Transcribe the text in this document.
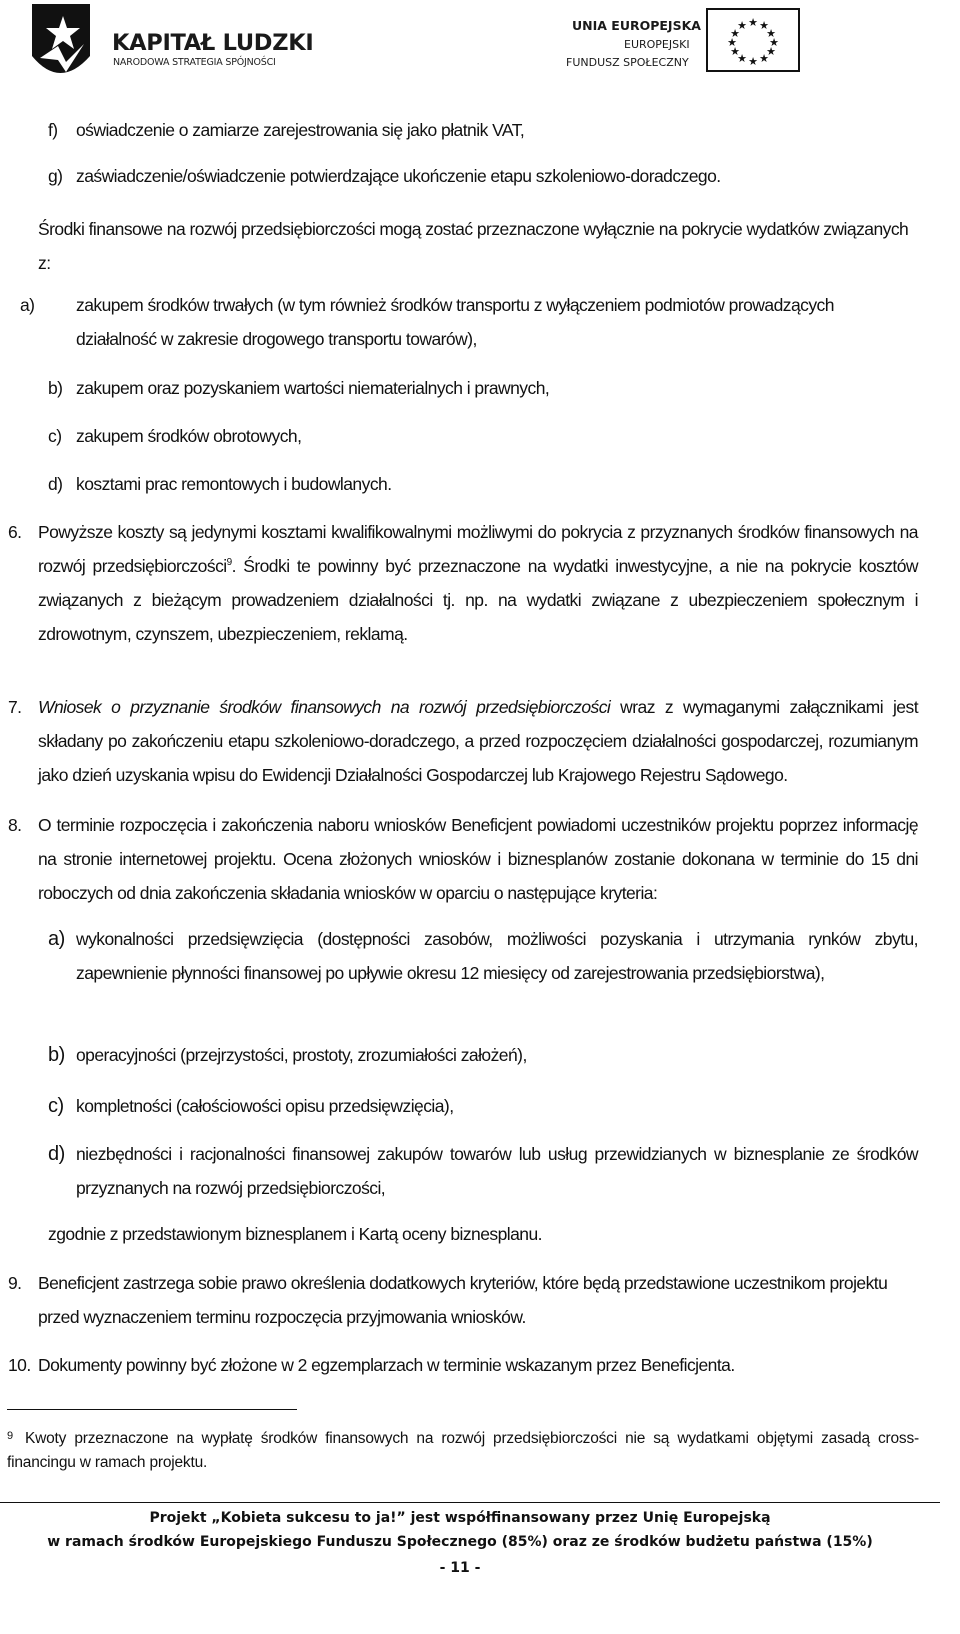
KAPITAŁ LUDZKI
NARODOWA STRATEGIA SPÓJNOŚCI
UNIA EUROPEJSKA
EUROPEJSKI
FUNDUSZ SPOŁECZNY
★ ★
★
★
★
★
★
★
★
★
★
★
f) oświadczenie o zamiarze zarejestrowania się jako płatnik VAT,
g) zaświadczenie/oświadczenie potwierdzające ukończenie etapu szkoleniowo-doradczego.
Środki finansowe na rozwój przedsiębiorczości mogą zostać przeznaczone wyłącznie na pokrycie wydatków związanych z:
a) zakupem środków trwałych (w tym również środków transportu z wyłączeniem podmiotów prowadzących działalność w zakresie drogowego transportu towarów),
b) zakupem oraz pozyskaniem wartości niematerialnych i prawnych,
c) zakupem środków obrotowych,
d) kosztami prac remontowych i budowlanych.
6. Powyższe koszty są jedynymi kosztami kwalifikowalnymi możliwymi do pokrycia z przyznanych środków finansowych na rozwój przedsiębiorczości$^9$. Środki te powinny być przeznaczone na wydatki inwestycyjne, a nie na pokrycie kosztów związanych z bieżącym prowadzeniem działalności tj. np. na wydatki związane z ubezpieczeniem społecznym i zdrowotnym, czynszem, ubezpieczeniem, reklamą.
7. Wniosek o przyznanie środków finansowych na rozwój przedsiębiorczości wraz z wymaganymi załącznikami jest składany po zakończeniu etapu szkoleniowo-doradczego, a przed rozpoczęciem działalności gospodarczej, rozumianym jako dzień uzyskania wpisu do Ewidencji Działalności Gospodarczej lub Krajowego Rejestru Sądowego.
8. O terminie rozpoczęcia i zakończenia naboru wniosków Beneficjent powiadomi uczestników projektu poprzez informację na stronie internetowej projektu. Ocena złożonych wniosków i biznesplanów zostanie dokonana w terminie do 15 dni roboczych od dnia zakończenia składania wniosków w oparciu o następujące kryteria:
a) wykonalności przedsięwzięcia (dostępności zasobów, możliwości pozyskania i utrzymania rynków zbytu, zapewnienie płynności finansowej po upływie okresu 12 miesięcy od zarejestrowania przedsiębiorstwa),
b) operacyjności (przejrzystości, prostoty, zrozumiałości założeń),
c) kompletności (całościowości opisu przedsięwzięcia),
d) niezbędności i racjonalności finansowej zakupów towarów lub usług przewidzianych w biznesplanie ze środków przyznanych na rozwój przedsiębiorczości,
zgodnie z przedstawionym biznesplanem i Kartą oceny biznesplanu.
9. Beneficjent zastrzega sobie prawo określenia dodatkowych kryteriów, które będą przedstawione uczestnikom projektu przed wyznaczeniem terminu rozpoczęcia przyjmowania wniosków.
10. Dokumenty powinny być złożone w 2 egzemplarzach w terminie wskazanym przez Beneficjenta.
9 Kwoty przeznaczone na wypłatę środków finansowych na rozwój przedsiębiorczości nie są wydatkami objętymi zasadą cross- financingu w ramach projektu.
Projekt „Kobieta sukcesu to ja!” jest współfinansowany przez Unię Europejską
w ramach środków Europejskiego Funduszu Społecznego (85%) oraz ze środków budżetu państwa (15%)
- 11 -
